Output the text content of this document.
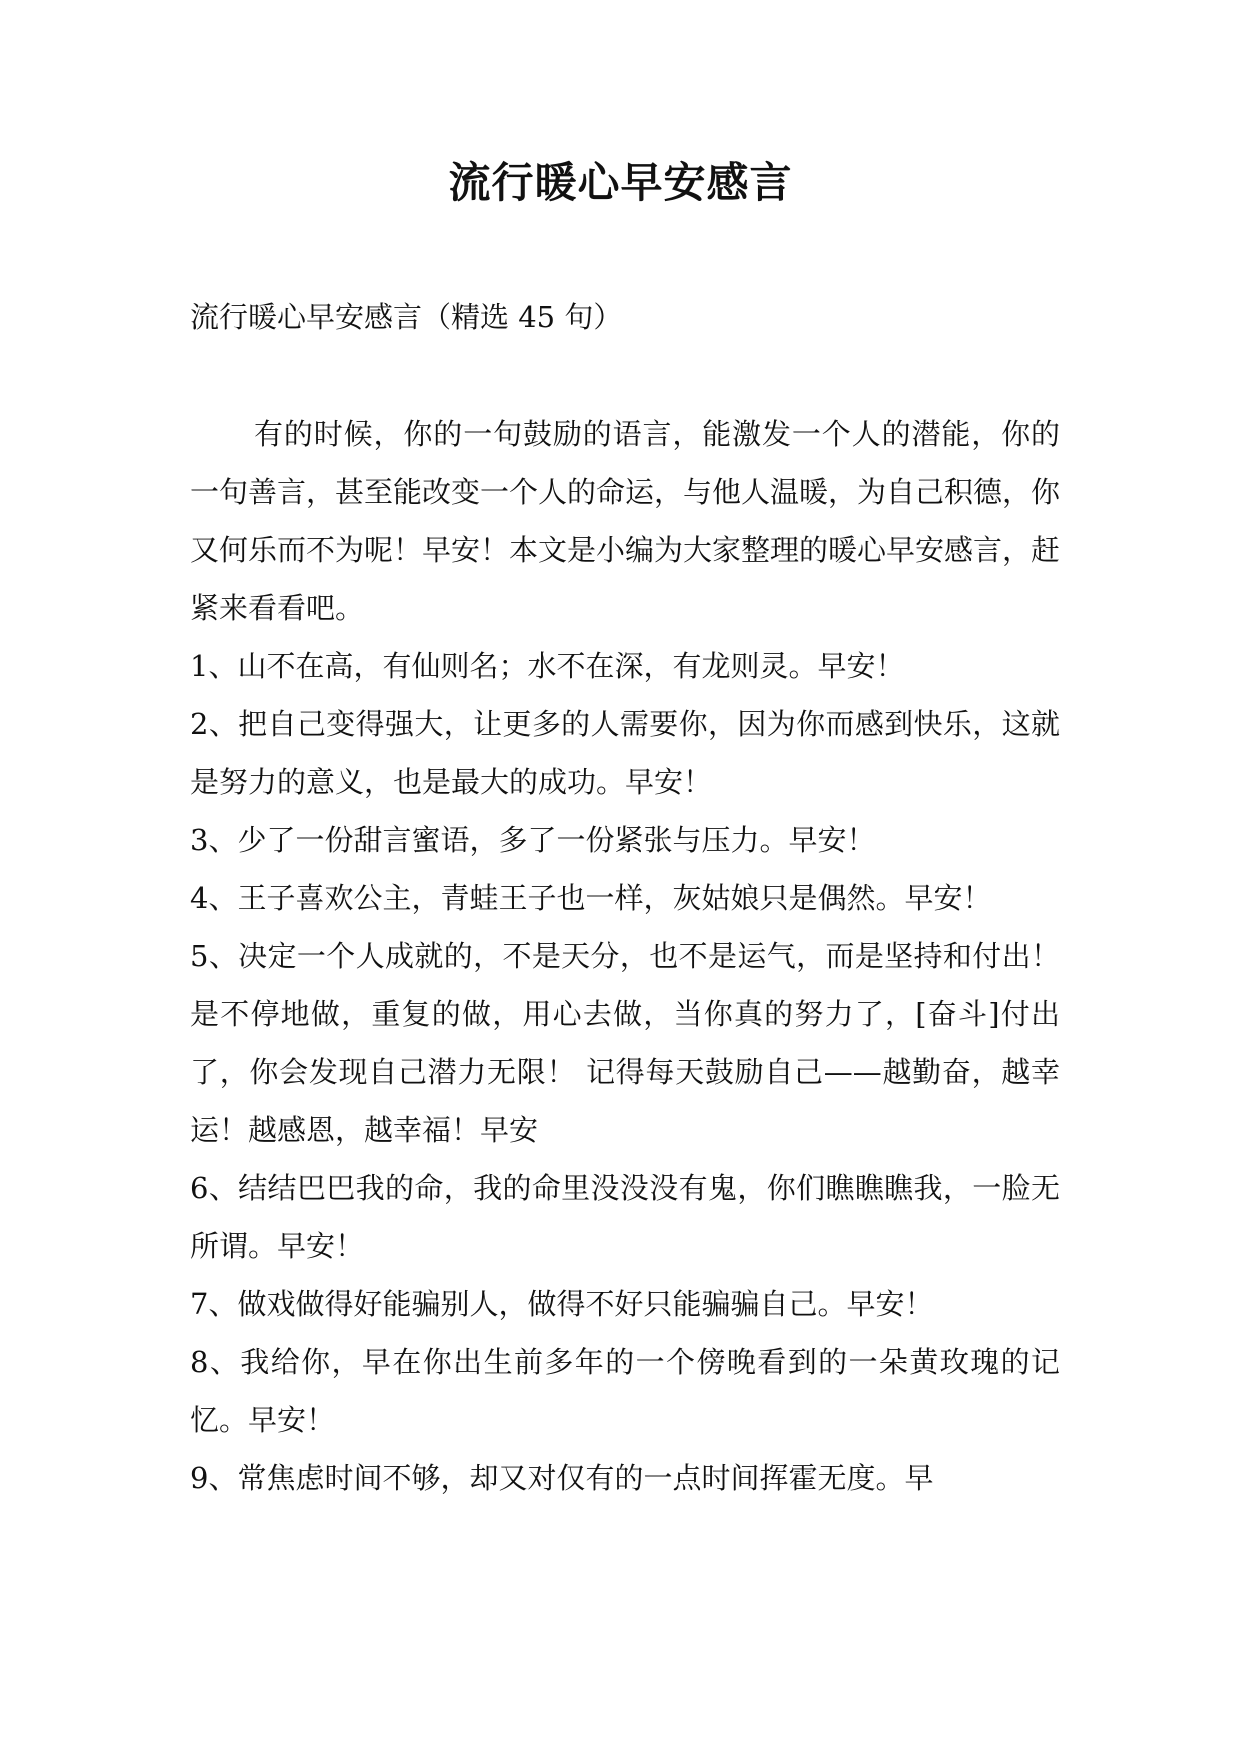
流行暖心早安感言

流行暖心早安感言（精选 45 句）

有的时候，你的一句鼓励的语言，能激发一个人的潜能，你的一句善言，甚至能改变一个人的命运，与他人温暖，为自己积德，你又何乐而不为呢！早安！本文是小编为大家整理的暖心早安感言，赶紧来看看吧。

1、山不在高，有仙则名；水不在深，有龙则灵。早安！

2、把自己变得强大，让更多的人需要你，因为你而感到快乐，这就是努力的意义，也是最大的成功。早安！

3、少了一份甜言蜜语，多了一份紧张与压力。早安！

4、王子喜欢公主，青蛙王子也一样，灰姑娘只是偶然。早安！

5、决定一个人成就的，不是天分，也不是运气，而是坚持和付出！是不停地做，重复的做，用心去做，当你真的努力了，[奋斗]付出了，你会发现自己潜力无限！ 记得每天鼓励自己——越勤奋，越幸运！越感恩，越幸福！早安

6、结结巴巴我的命，我的命里没没没有鬼，你们瞧瞧瞧我，一脸无所谓。早安！

7、做戏做得好能骗别人，做得不好只能骗骗自己。早安！

8、我给你，早在你出生前多年的一个傍晚看到的一朵黄玫瑰的记忆。早安！

9、常焦虑时间不够，却又对仅有的一点时间挥霍无度。早
